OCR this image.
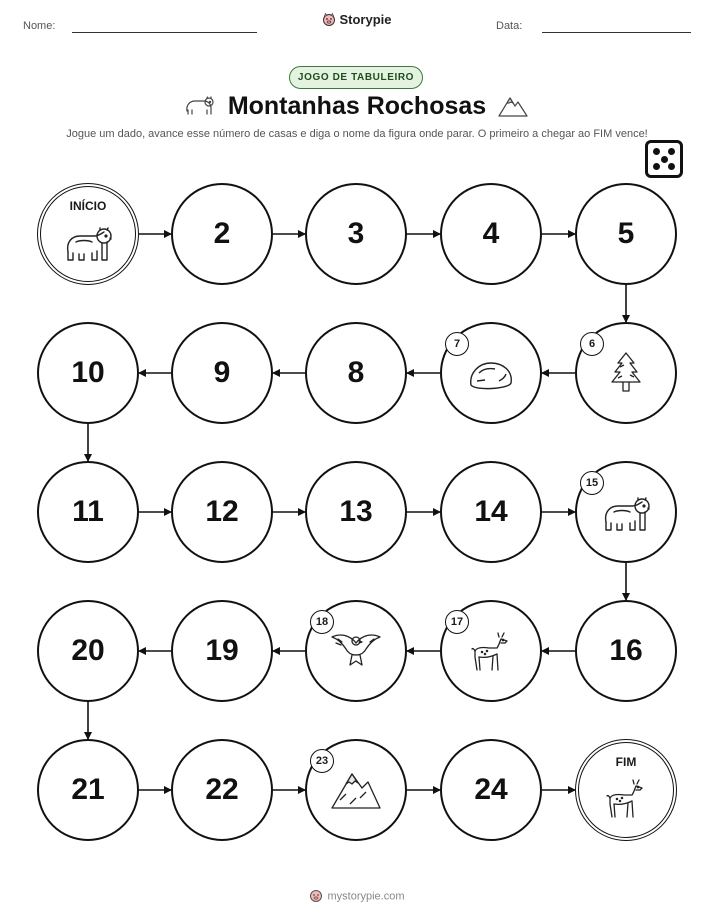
Nome:	Storypie	Data:
JOGO DE TABULEIRO
Montanhas Rochosas
Jogue um dado, avance esse número de casas e diga o nome da figura onde parar. O primeiro a chegar ao FIM vence!
INÍCIO
2	3	4	5
6
7
8
9
10
11	12	13	14
15
16
17
18
19
20
21	22
23
24
FIM
mystorypie.com
